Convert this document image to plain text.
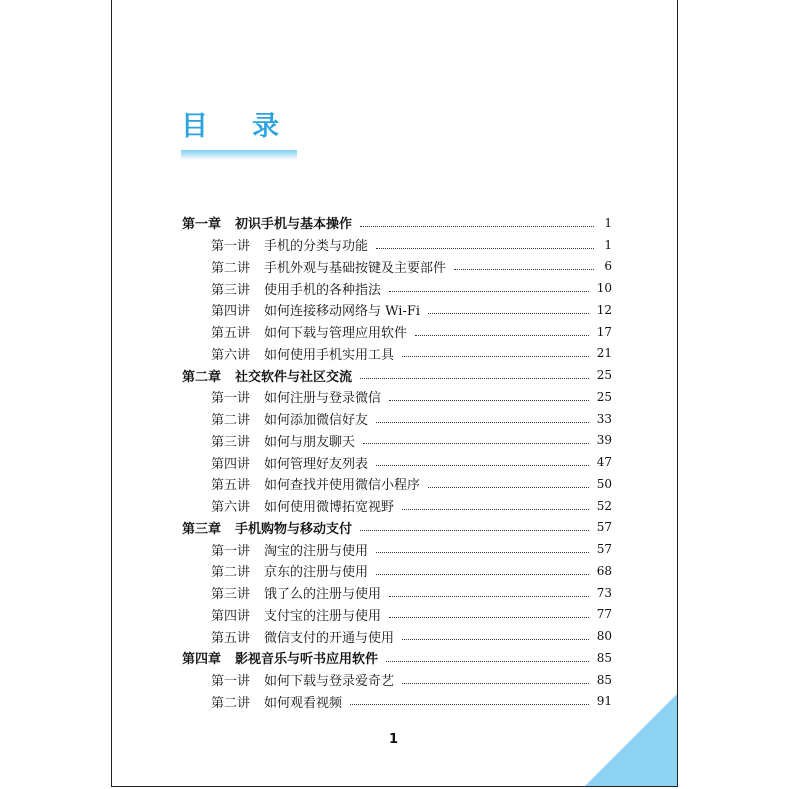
目 录
第一章 初识手机与基本操作	1
第一讲 手机的分类与功能	1
第二讲 手机外观与基础按键及主要部件	6
第三讲 使用手机的各种指法	10
第四讲 如何连接移动网络与 Wi-Fi	12
第五讲 如何下载与管理应用软件	17
第六讲 如何使用手机实用工具	21
第二章 社交软件与社区交流	25
第一讲 如何注册与登录微信	25
第二讲 如何添加微信好友	33
第三讲 如何与朋友聊天	39
第四讲 如何管理好友列表	47
第五讲 如何查找并使用微信小程序	50
第六讲 如何使用微博拓宽视野	52
第三章 手机购物与移动支付	57
第一讲 淘宝的注册与使用	57
第二讲 京东的注册与使用	68
第三讲 饿了么的注册与使用	73
第四讲 支付宝的注册与使用	77
第五讲 微信支付的开通与使用	80
第四章 影视音乐与听书应用软件	85
第一讲 如何下载与登录爱奇艺	85
第二讲 如何观看视频	91
1
